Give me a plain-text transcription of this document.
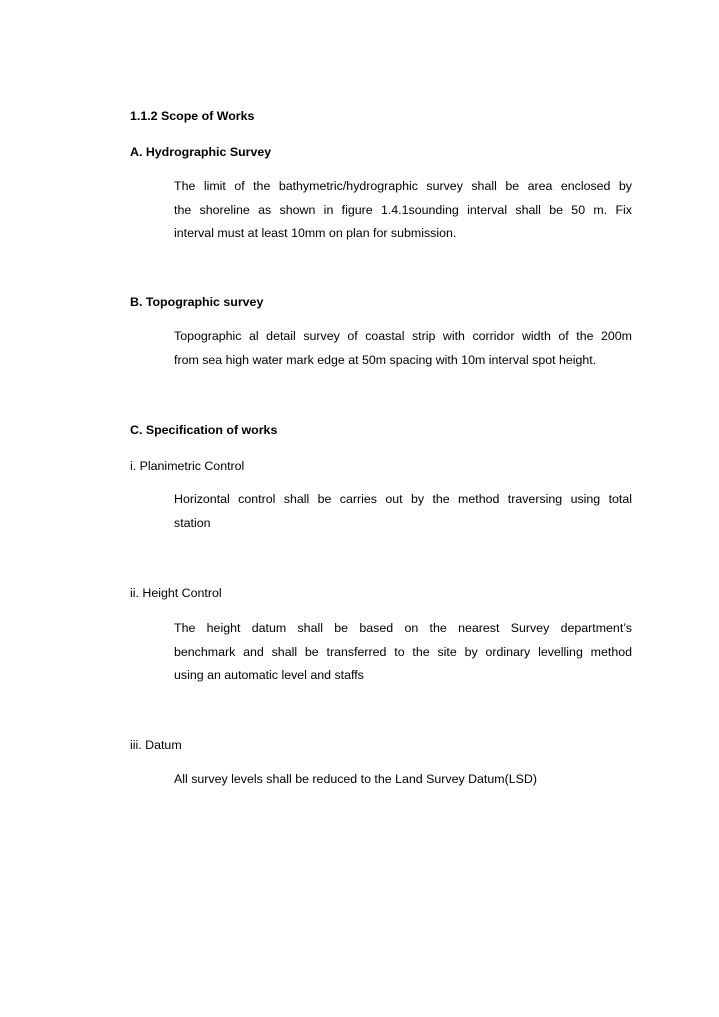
1.1.2 Scope of Works
A. Hydrographic Survey
The limit of the bathymetric/hydrographic survey shall be area enclosed by
the shoreline as shown in figure 1.4.1sounding interval shall be 50 m. Fix
interval must at least 10mm on plan for submission.
B. Topographic survey
Topographic al detail survey of coastal strip with corridor width of the 200m
from sea high water mark edge at 50m spacing with 10m interval spot height.
C. Specification of works
i. Planimetric Control
Horizontal control shall be carries out by the method traversing using total
station
ii. Height Control
The height datum shall be based on the nearest Survey department’s
benchmark and shall be transferred to the site by ordinary levelling method
using an automatic level and staffs
iii. Datum
All survey levels shall be reduced to the Land Survey Datum(LSD)
